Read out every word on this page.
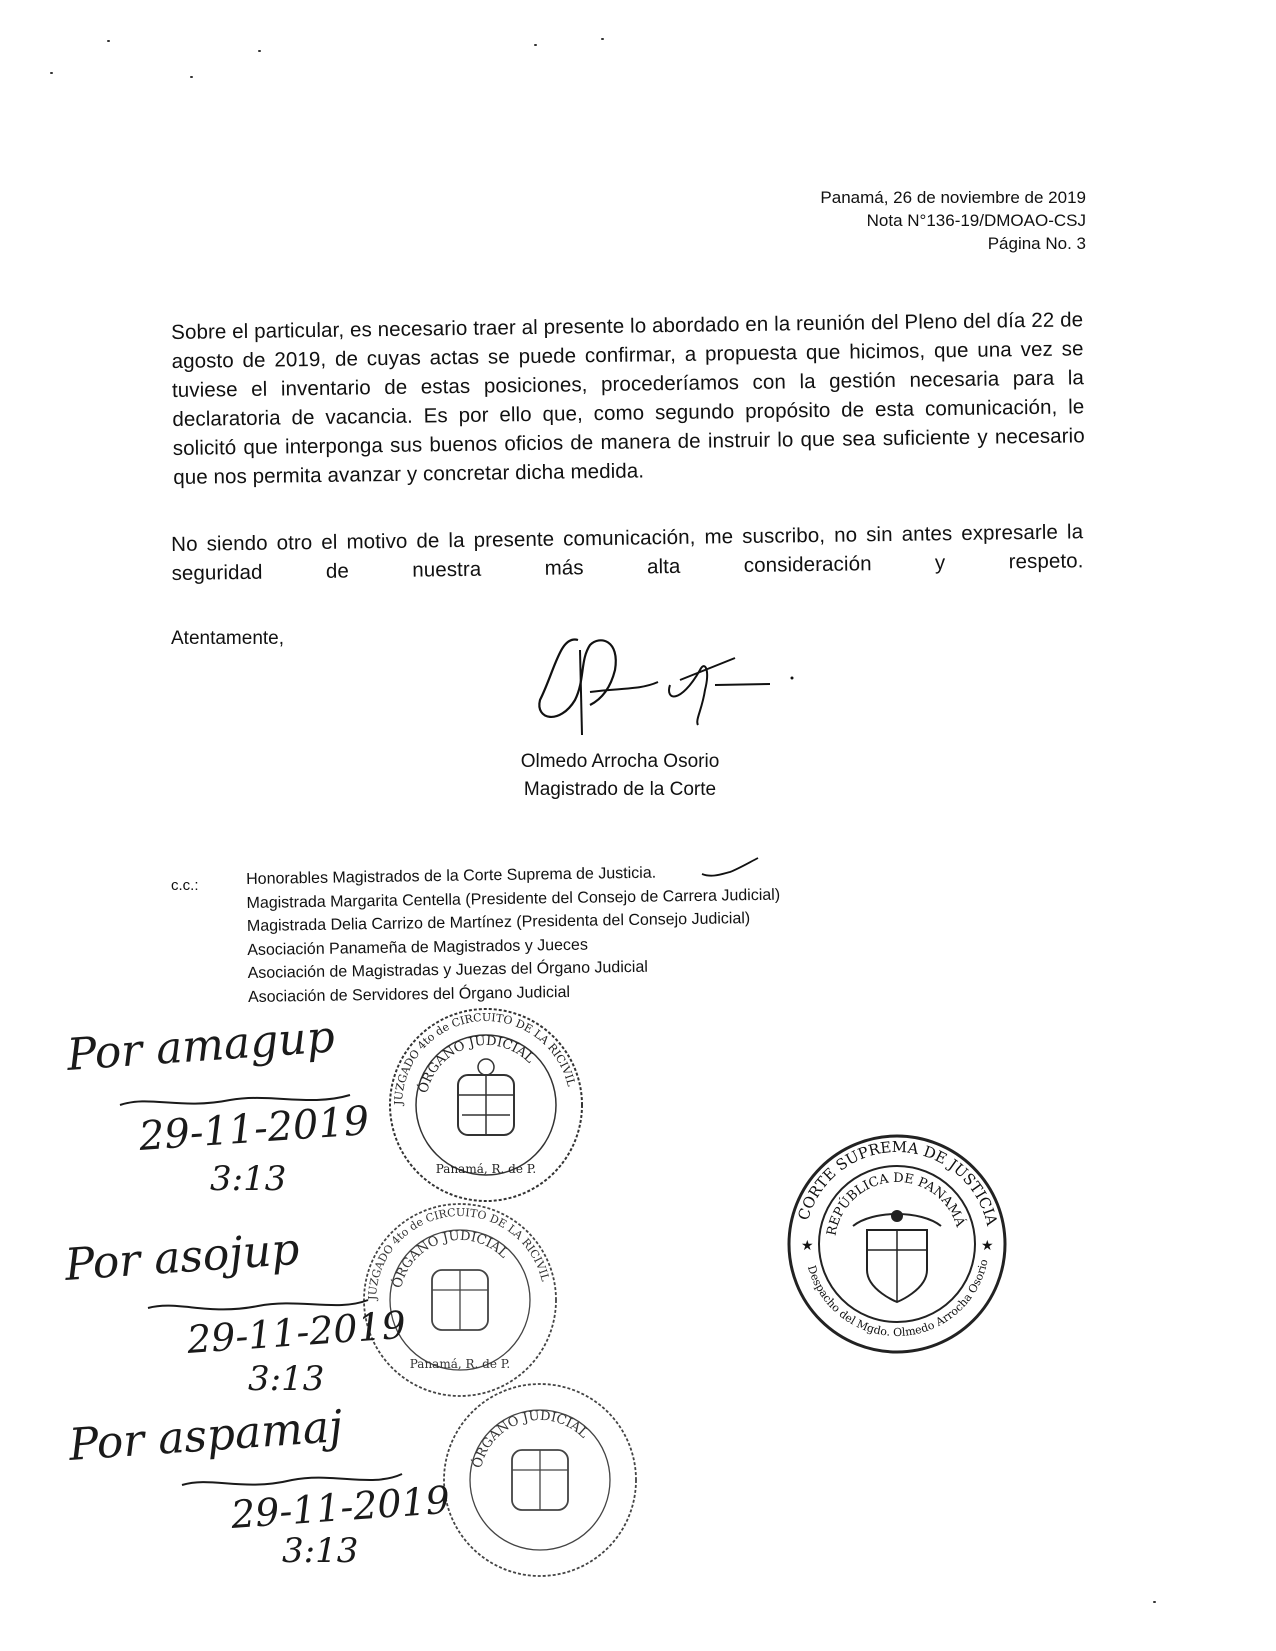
Panamá, 26 de noviembre de 2019
Nota N°136-19/DMOAO-CSJ
Página No. 3
Sobre el particular, es necesario traer al presente lo abordado en la reunión del Pleno del día 22 de agosto de 2019, de cuyas actas se puede confirmar, a propuesta que hicimos, que una vez se tuviese el inventario de estas posiciones, procederíamos con la gestión necesaria para la declaratoria de vacancia. Es por ello que, como segundo propósito de esta comunicación, le solicitó que interponga sus buenos oficios de manera de instruir lo que sea suficiente y necesario que nos permita avanzar y concretar dicha medida.
No siendo otro el motivo de la presente comunicación, me suscribo, no sin antes expresarle la seguridad de nuestra más alta consideración y respeto.
Atentamente,
Olmedo Arrocha Osorio
Magistrado de la Corte
c.c.:	Honorables Magistrados de la Corte Suprema de Justicia.
Magistrada Margarita Centella (Presidente del Consejo de Carrera Judicial)
Magistrada Delia Carrizo de Martínez (Presidenta del Consejo Judicial)
Asociación Panameña de Magistrados y Jueces
Asociación de Magistradas y Juezas del Órgano Judicial
Asociación de Servidores del Órgano Judicial
ÓRGANO JUDICIAL
JUZGADO 4to de CIRCUITO DE LA RICIVIL
Panamá, R. de P.
ÓRGANO JUDICIAL
JUZGADO 4to de CIRCUITO DE LA RICIVIL
Panamá, R. de P.
ÓRGANO JUDICIAL
CORTE SUPREMA DE JUSTICIA
Despacho del Mgdo. Olmedo Arrocha Osorio
REPÚBLICA DE PANAMÁ
★	★
Por amagup
29-11-2019
3:13
Por asojup
29-11-2019
3:13
Por aspamaj
29-11-2019
3:13
